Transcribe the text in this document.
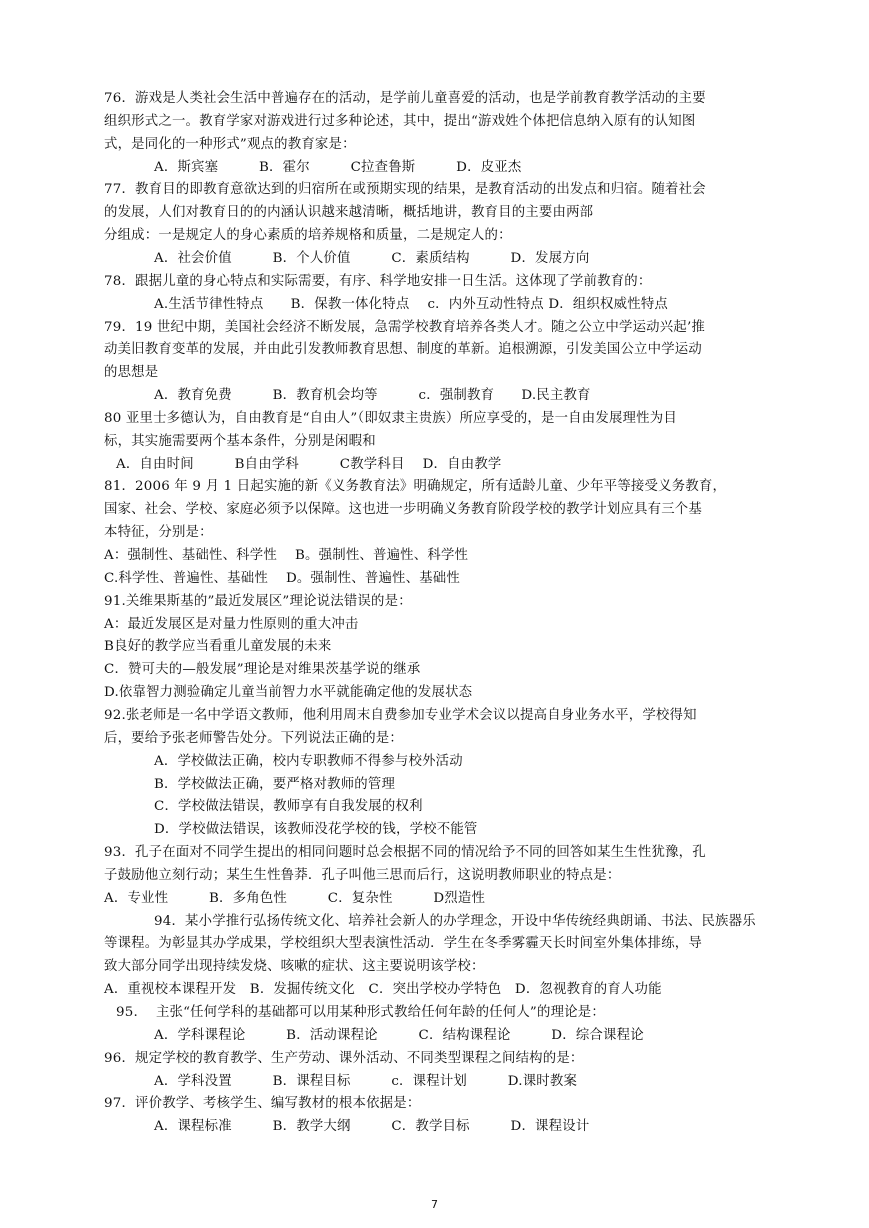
76．游戏是人类社会生活中普遍存在的活动，是学前儿童喜爱的活动，也是学前教育教学活动的主要
组织形式之一。教育学家对游戏进行过多种论述，其中，提出“游戏姓个体把信息纳入原有的认知图
式，是同化的一种形式”观点的教育家是：
A．斯宾塞　　　B．霍尔　　　C拉查鲁斯　　　D．皮亚杰
77．教育目的即教育意欲达到的归宿所在或预期实现的结果，是教育活动的出发点和归宿。随着社会
的发展，人们对教育日的的内涵认识越来越清晰，概括地讲，教育目的主要由两部
分组成：一是规定人的身心素质的培养规格和质量，二是规定人的：
A．社会价值　　　B．个人价值　　　C．素质结构　　　D．发展方向
78．跟据儿童的身心特点和实际需要，有序、科学地安排一日生活。这体现了学前教育的：
A.生活节律性特点　　B．保教一体化特点　 c．内外互动性特点 D．组织权威性特点
79．19 世纪中期，美国社会经济不断发展，急需学校教育培养各类人才。随之公立中学运动兴起’推
动美旧教育变革的发展，并由此引发教师教育思想、制度的革新。追根溯源，引发美国公立中学运动
的思想是
A．教育免费　　　B．教育机会均等　　　c．强制教育　　D.民主教育
80 亚里士多德认为，自由教育是“自由人”（即奴隶主贵族）所应享受的，是一自由发展理性为目
标，其实施需要两个基本条件，分别是闲暇和
A．自由时间　　　B自由学科　　　C教学科目　 D．自由教学
81．2006 年 9 月 1 日起实施的新《义务教育法》明确规定，所有适龄儿童、少年平等接受义务教育，
国家、社会、学校、家庭必须予以保障。这也进一步明确义务教育阶段学校的教学计划应具有三个基
本特征，分别是：
A：强制性、基础性、科学性　 B。强制性、普遍性、科学性
C.科学性、普遍性、基础性　 D。强制性、普遍性、基础性
91.关维果斯基的”最近发展区”理论说法错误的是：
A：最近发展区是对量力性原则的重大冲击
B良好的教学应当看重儿童发展的未来
C．赞可夫的—般发展”理论是对维果茨基学说的继承
D.依靠智力测验确定儿童当前智力水平就能确定他的发展状态
92.张老师是一名中学语文教师，他利用周末自费参加专业学术会议以提高自身业务水平，学校得知
后，要给予张老师警告处分。下列说法正确的是：
A．学校做法正确，校内专职教师不得参与校外活动
B．学校做法正确，要严格对教师的管理
C．学校做法错误，教师享有自我发展的权利
D．学校做法错误，该教师没花学校的钱，学校不能管
93．孔子在面对不同学生提出的相同问题时总会根据不同的情况给予不同的回答如某生生性犹豫，孔
子鼓励他立刻行动；某生生性鲁莽．孔子叫他三思而后行，这说明教师职业的特点是：
A．专业性　　　B．多角色性　　　C．复杂性　　　D烈造性
94．某小学推行弘扬传统文化、培养社会新人的办学理念，开设中华传统经典朗诵、书法、民族器乐
等课程。为彰显其办学成果，学校组织大型表演性活动．学生在冬季雾霾天长时间室外集体排练，导
致大部分同学出现持续发烧、咳嗽的症状、这主要说明该学校：
A．重视校本课程开发　B．发掘传统文化　C．突出学校办学特色　D．忽视教育的育人功能
95.　 主张“任何学科的基础都可以用某种形式教给任何年龄的任何人”的理论是：
A．学科课程论　　　B．活动课程论　　　C．结构课程论　　　D．综合课程论
96．规定学校的教育教学、生产劳动、课外活动、不同类型课程之间结构的是：
A．学科没置　　　B．课程目标　　　c．课程计划　　　D.课时教案
97．评价教学、考核学生、编写教材的根本依据是：
A．课程标准　　　B．教学大纲　　　C．教学目标　　　D．课程设计
7
